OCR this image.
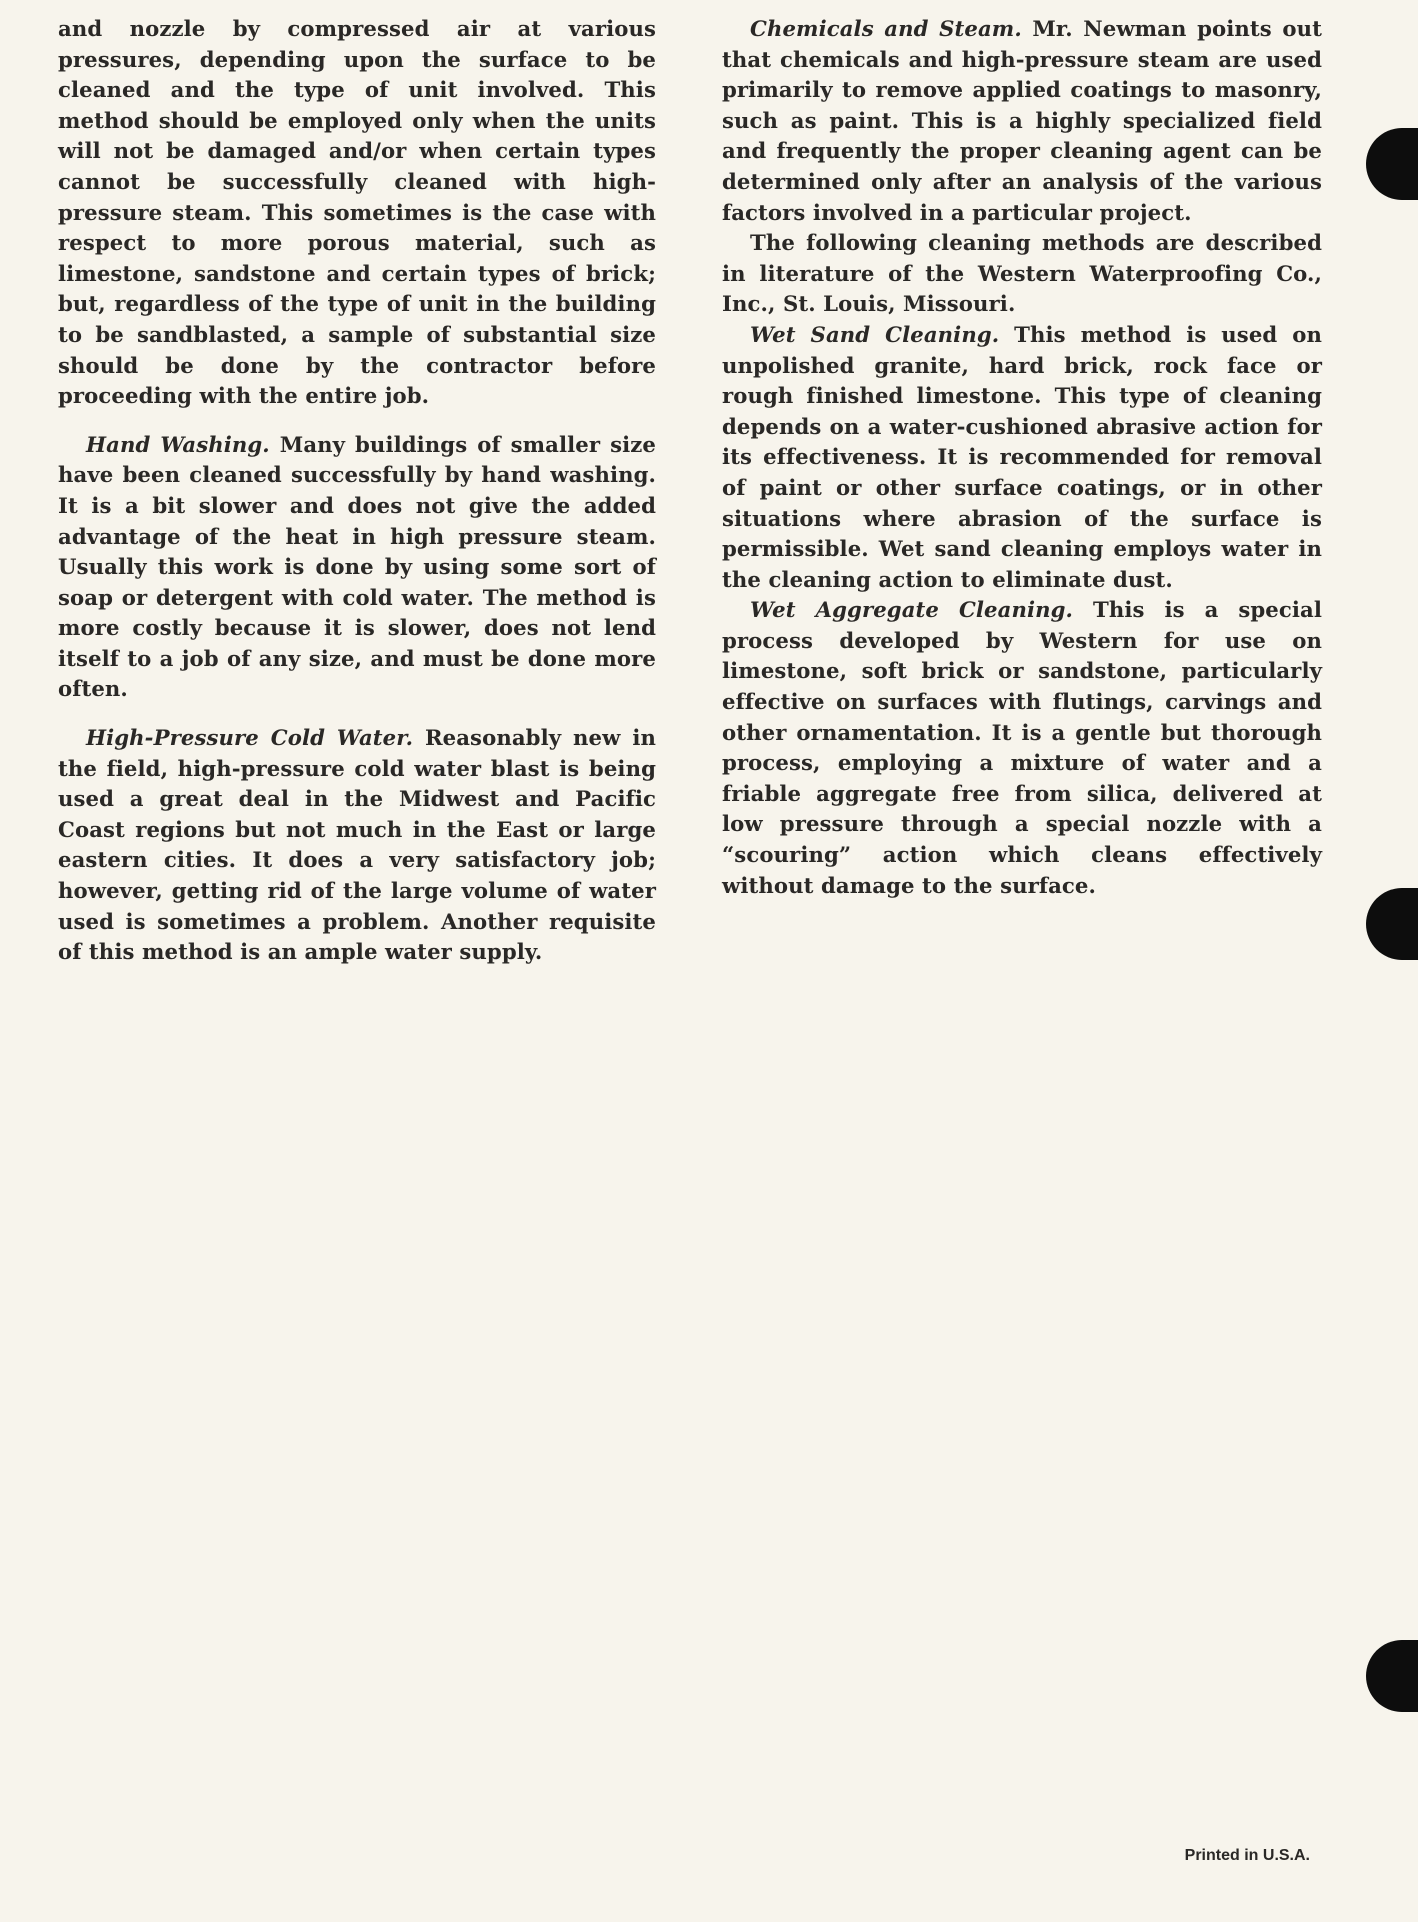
and nozzle by compressed air at various pressures, depending upon the surface to be cleaned and the type of unit involved. This method should be employed only when the units will not be damaged and/or when certain types cannot be successfully cleaned with high-pressure steam. This sometimes is the case with respect to more porous material, such as limestone, sandstone and certain types of brick; but, regardless of the type of unit in the building to be sandblasted, a sample of substantial size should be done by the contractor before proceeding with the entire job.

Hand Washing. Many buildings of smaller size have been cleaned successfully by hand washing. It is a bit slower and does not give the added advantage of the heat in high pressure steam. Usually this work is done by using some sort of soap or detergent with cold water. The method is more costly because it is slower, does not lend itself to a job of any size, and must be done more often.

High-Pressure Cold Water. Reasonably new in the field, high-pressure cold water blast is being used a great deal in the Midwest and Pacific Coast regions but not much in the East or large eastern cities. It does a very satisfactory job; however, getting rid of the large volume of water used is sometimes a problem. Another requisite of this method is an ample water supply.

Chemicals and Steam. Mr. Newman points out that chemicals and high-pressure steam are used primarily to remove applied coatings to masonry, such as paint. This is a highly specialized field and frequently the proper cleaning agent can be determined only after an analysis of the various factors involved in a particular project.

The following cleaning methods are described in literature of the Western Waterproofing Co., Inc., St. Louis, Missouri.

Wet Sand Cleaning. This method is used on unpolished granite, hard brick, rock face or rough finished limestone. This type of cleaning depends on a water-cushioned abrasive action for its effectiveness. It is recommended for removal of paint or other surface coatings, or in other situations where abrasion of the surface is permissible. Wet sand cleaning employs water in the cleaning action to eliminate dust.

Wet Aggregate Cleaning. This is a special process developed by Western for use on limestone, soft brick or sandstone, particularly effective on surfaces with flutings, carvings and other ornamentation. It is a gentle but thorough process, employing a mixture of water and a friable aggregate free from silica, delivered at low pressure through a special nozzle with a “scouring” action which cleans effectively without damage to the surface.

Printed in U.S.A.
